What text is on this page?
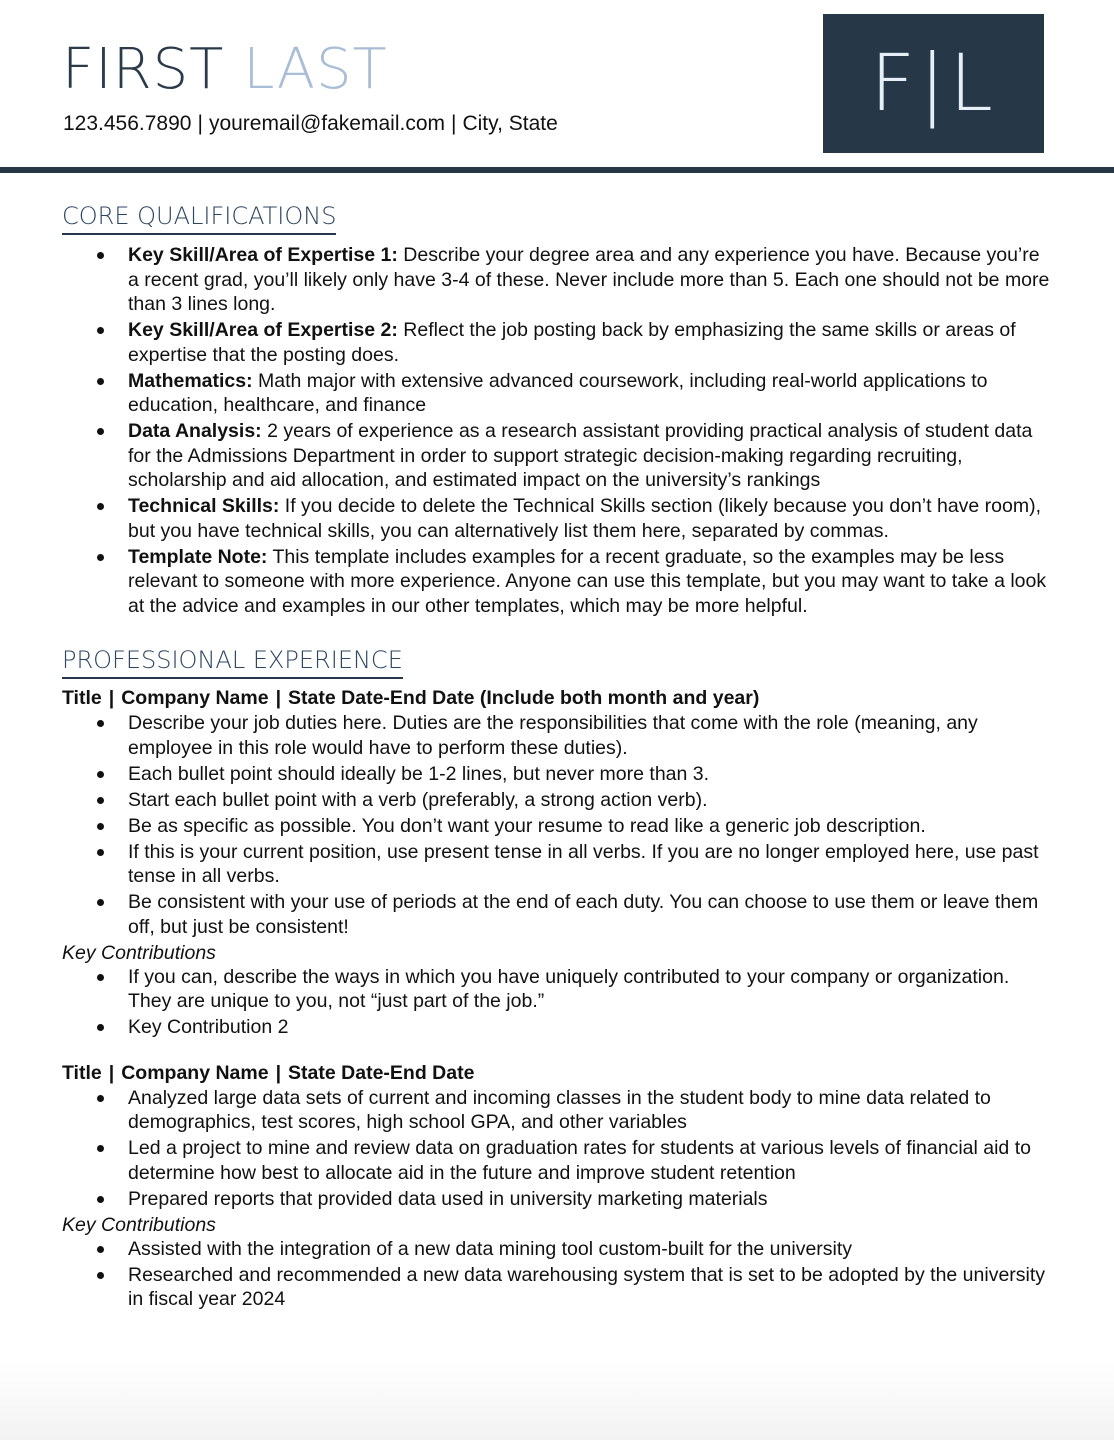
FIRST LAST
123.456.7890 | youremail@fakemail.com | City, State	F|L
CORE QUALIFICATIONS
Key Skill/Area of Expertise 1: Describe your degree area and any experience you have. Because you’re a recent grad, you’ll likely only have 3-4 of these. Never include more than 5. Each one should not be more than 3 lines long.
Key Skill/Area of Expertise 2: Reflect the job posting back by emphasizing the same skills or areas of expertise that the posting does.
Mathematics: Math major with extensive advanced coursework, including real-world applications to education, healthcare, and finance
Data Analysis: 2 years of experience as a research assistant providing practical analysis of student data for the Admissions Department in order to support strategic decision-making regarding recruiting, scholarship and aid allocation, and estimated impact on the university’s rankings
Technical Skills: If you decide to delete the Technical Skills section (likely because you don’t have room), but you have technical skills, you can alternatively list them here, separated by commas.
Template Note: This template includes examples for a recent graduate, so the examples may be less relevant to someone with more experience. Anyone can use this template, but you may want to take a look at the advice and examples in our other templates, which may be more helpful.
PROFESSIONAL EXPERIENCE

Title | Company Name | State Date-End Date (Include both month and year)

Describe your job duties here. Duties are the responsibilities that come with the role (meaning, any employee in this role would have to perform these duties).
Each bullet point should ideally be 1-2 lines, but never more than 3.
Start each bullet point with a verb (preferably, a strong action verb).
Be as specific as possible. You don’t want your resume to read like a generic job description.
If this is your current position, use present tense in all verbs. If you are no longer employed here, use past tense in all verbs.
Be consistent with your use of periods at the end of each duty. You can choose to use them or leave them off, but just be consistent!

Key Contributions

If you can, describe the ways in which you have uniquely contributed to your company or organization. They are unique to you, not “just part of the job.”
Key Contribution 2

Title | Company Name | State Date-End Date

Analyzed large data sets of current and incoming classes in the student body to mine data related to demographics, test scores, high school GPA, and other variables
Led a project to mine and review data on graduation rates for students at various levels of financial aid to determine how best to allocate aid in the future and improve student retention
Prepared reports that provided data used in university marketing materials

Key Contributions

Assisted with the integration of a new data mining tool custom-built for the university
Researched and recommended a new data warehousing system that is set to be adopted by the university in fiscal year 2024
